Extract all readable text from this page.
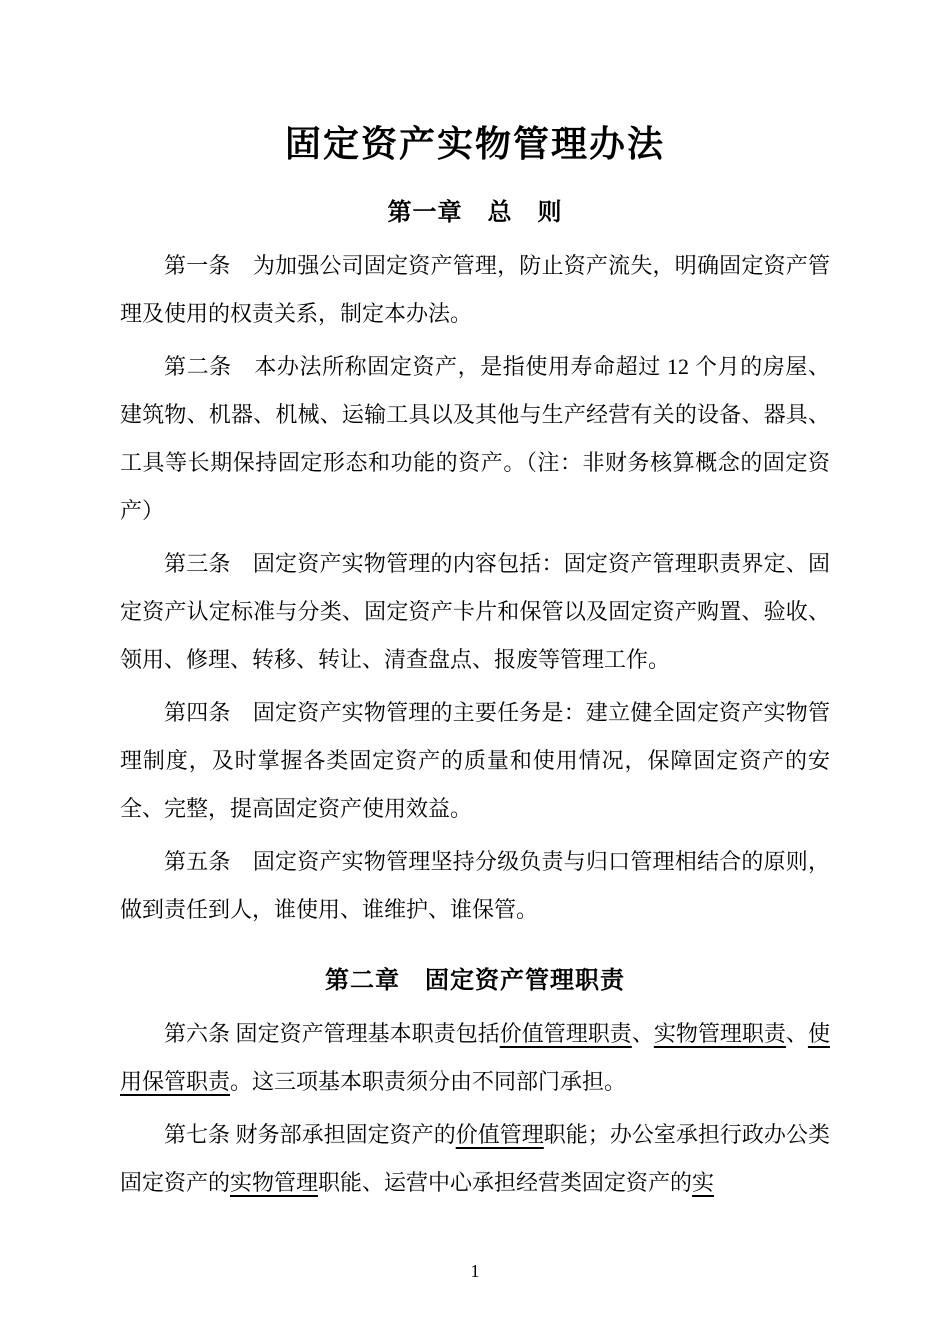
固定资产实物管理办法
第一章　总　则

第一条　为加强公司固定资产管理，防止资产流失，明确固定资产管理及使用的权责关系，制定本办法。

第二条　本办法所称固定资产，是指使用寿命超过 12 个月的房屋、建筑物、机器、机械、运输工具以及其他与生产经营有关的设备、器具、工具等长期保持固定形态和功能的资产。（注：非财务核算概念的固定资产）

第三条　固定资产实物管理的内容包括：固定资产管理职责界定、固定资产认定标准与分类、固定资产卡片和保管以及固定资产购置、验收、领用、修理、转移、转让、清查盘点、报废等管理工作。

第四条　固定资产实物管理的主要任务是：建立健全固定资产实物管理制度，及时掌握各类固定资产的质量和使用情况，保障固定资产的安全、完整，提高固定资产使用效益。

第五条　固定资产实物管理坚持分级负责与归口管理相结合的原则，做到责任到人，谁使用、谁维护、谁保管。

第二章　固定资产管理职责

第六条 固定资产管理基本职责包括价值管理职责、实物管理职责、使用保管职责。这三项基本职责须分由不同部门承担。

第七条 财务部承担固定资产的价值管理职能；办公室承担行政办公类固定资产的实物管理职能、运营中心承担经营类固定资产的实

1
